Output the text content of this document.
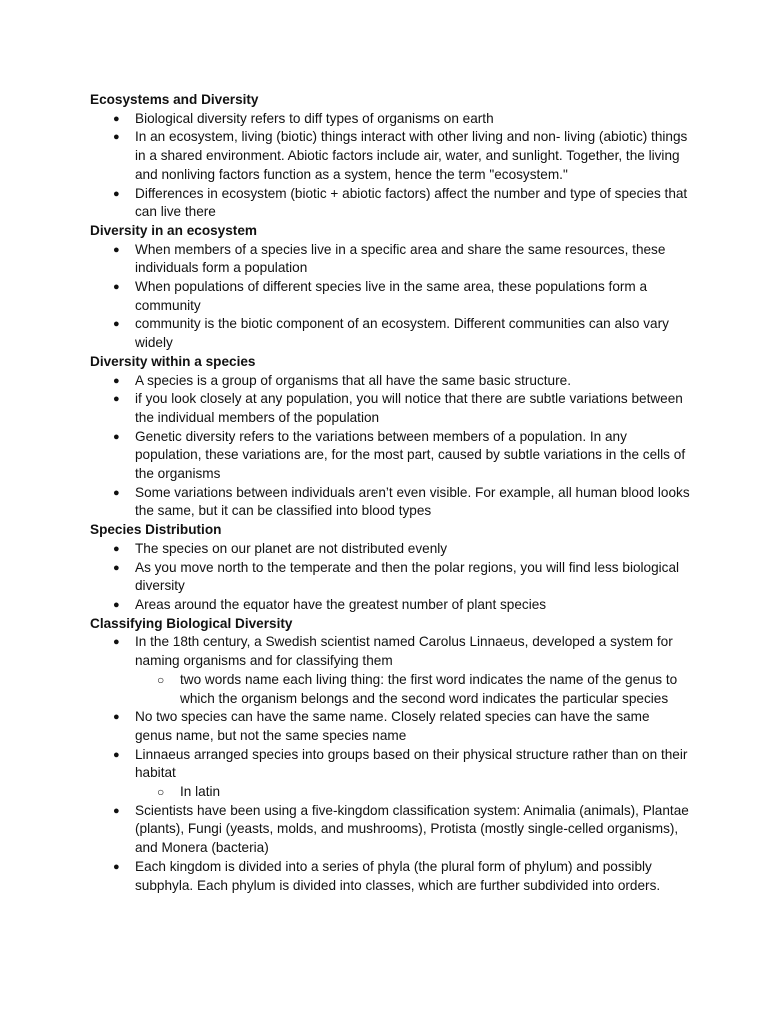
Ecosystems and Diversity
● Biological diversity refers to diff types of organisms on earth
● In an ecosystem, living (biotic) things interact with other living and non- living (abiotic) things in a shared environment. Abiotic factors include air, water, and sunlight. Together, the living and nonliving factors function as a system, hence the term "ecosystem."
● Differences in ecosystem (biotic + abiotic factors) affect the number and type of species that can live there
Diversity in an ecosystem
● When members of a species live in a specific area and share the same resources, these individuals form a population
● When populations of different species live in the same area, these populations form a community
● community is the biotic component of an ecosystem. Different communities can also vary widely
Diversity within a species
● A species is a group of organisms that all have the same basic structure.
● if you look closely at any population, you will notice that there are subtle variations between the individual members of the population
● Genetic diversity refers to the variations between members of a population. In any population, these variations are, for the most part, caused by subtle variations in the cells of the organisms
● Some variations between individuals aren’t even visible. For example, all human blood looks the same, but it can be classified into blood types
Species Distribution
● The species on our planet are not distributed evenly
● As you move north to the temperate and then the polar regions, you will find less biological diversity
● Areas around the equator have the greatest number of plant species
Classifying Biological Diversity
● In the 18th century, a Swedish scientist named Carolus Linnaeus, developed a system for naming organisms and for classifying them
○ two words name each living thing: the first word indicates the name of the genus to which the organism belongs and the second word indicates the particular species
● No two species can have the same name. Closely related species can have the same genus name, but not the same species name
● Linnaeus arranged species into groups based on their physical structure rather than on their habitat
○ In latin
● Scientists have been using a five-kingdom classification system: Animalia (animals), Plantae (plants), Fungi (yeasts, molds, and mushrooms), Protista (mostly single-celled organisms), and Monera (bacteria)
● Each kingdom is divided into a series of phyla (the plural form of phylum) and possibly subphyla. Each phylum is divided into classes, which are further subdivided into orders.
